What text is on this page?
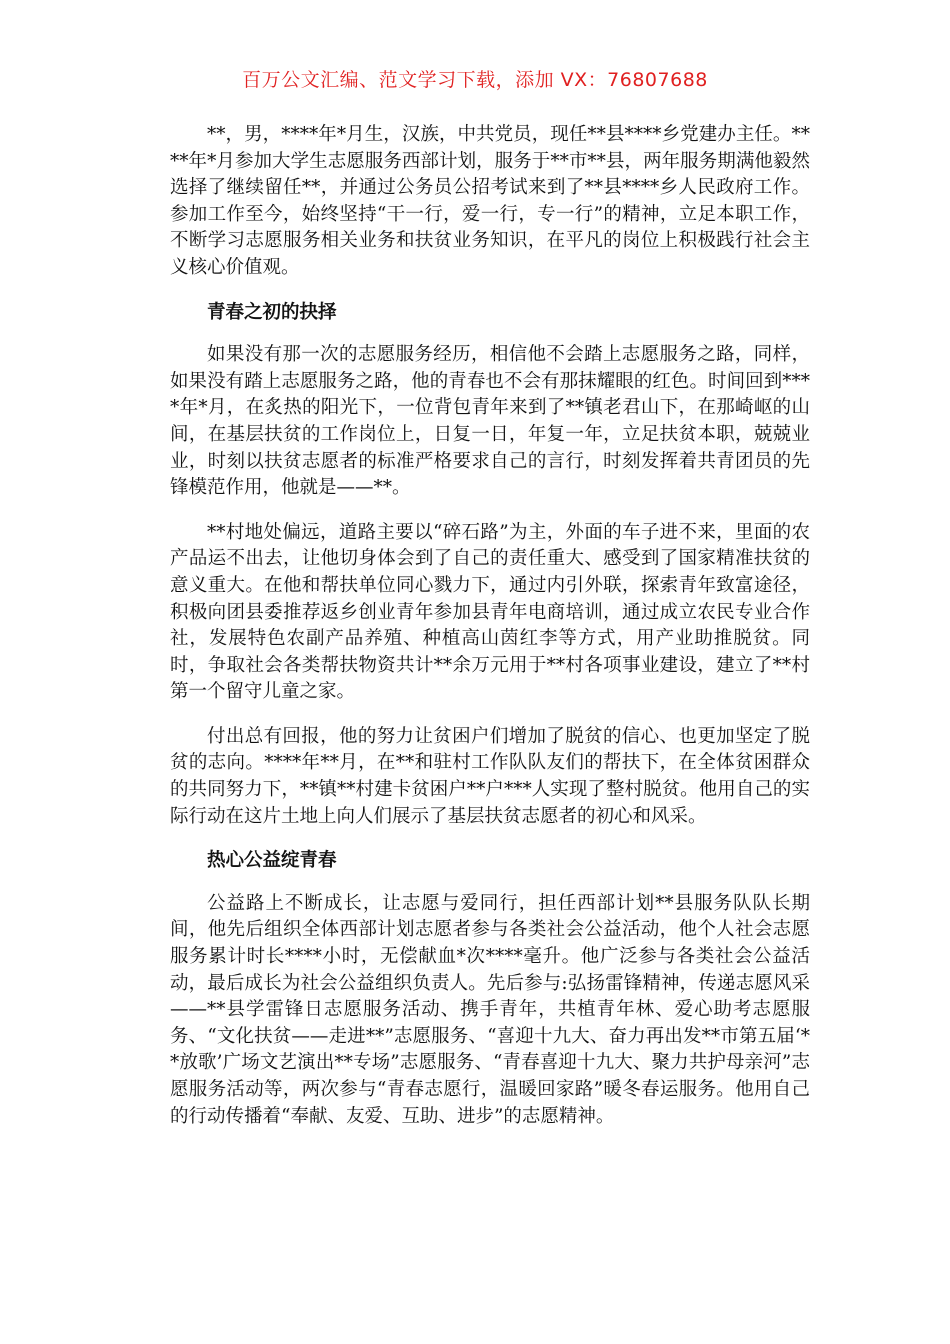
百万公文汇编、范文学习下载，添加 VX：76807688

**，男，****年*月生，汉族，中共党员，现任**县****乡党建办主任。****年*月参加大学生志愿服务西部计划，服务于**市**县，两年服务期满他毅然选择了继续留任**，并通过公务员公招考试来到了**县****乡人民政府工作。参加工作至今，始终坚持“干一行，爱一行，专一行”的精神，立足本职工作，不断学习志愿服务相关业务和扶贫业务知识，在平凡的岗位上积极践行社会主义核心价值观。

青春之初的抉择

如果没有那一次的志愿服务经历，相信他不会踏上志愿服务之路，同样，如果没有踏上志愿服务之路，他的青春也不会有那抹耀眼的红色。时间回到****年*月，在炙热的阳光下，一位背包青年来到了**镇老君山下，在那崎岖的山间，在基层扶贫的工作岗位上，日复一日，年复一年，立足扶贫本职，兢兢业业，时刻以扶贫志愿者的标准严格要求自己的言行，时刻发挥着共青团员的先锋模范作用，他就是——**。

**村地处偏远，道路主要以“碎石路”为主，外面的车子进不来，里面的农产品运不出去，让他切身体会到了自己的责任重大、感受到了国家精准扶贫的意义重大。在他和帮扶单位同心戮力下，通过内引外联，探索青年致富途径，积极向团县委推荐返乡创业青年参加县青年电商培训，通过成立农民专业合作社，发展特色农副产品养殖、种植高山茵红李等方式，用产业助推脱贫。同时，争取社会各类帮扶物资共计**余万元用于**村各项事业建设，建立了**村第一个留守儿童之家。

付出总有回报，他的努力让贫困户们增加了脱贫的信心、也更加坚定了脱贫的志向。****年**月，在**和驻村工作队队友们的帮扶下，在全体贫困群众的共同努力下，**镇**村建卡贫困户**户***人实现了整村脱贫。他用自己的实际行动在这片土地上向人们展示了基层扶贫志愿者的初心和风采。

热心公益绽青春

公益路上不断成长，让志愿与爱同行，担任西部计划**县服务队队长期间，他先后组织全体西部计划志愿者参与各类社会公益活动，他个人社会志愿服务累计时长****小时，无偿献血*次****毫升。他广泛参与各类社会公益活动，最后成长为社会公益组织负责人。先后参与:弘扬雷锋精神，传递志愿风采——**县学雷锋日志愿服务活动、携手青年，共植青年林、爱心助考志愿服务、“文化扶贫——走进**”志愿服务、“喜迎十九大、奋力再出发**市第五届‘**放歌’广场文艺演出**专场”志愿服务、“青春喜迎十九大、聚力共护母亲河”志愿服务活动等，两次参与“青春志愿行，温暖回家路”暖冬春运服务。他用自己的行动传播着“奉献、友爱、互助、进步”的志愿精神。
